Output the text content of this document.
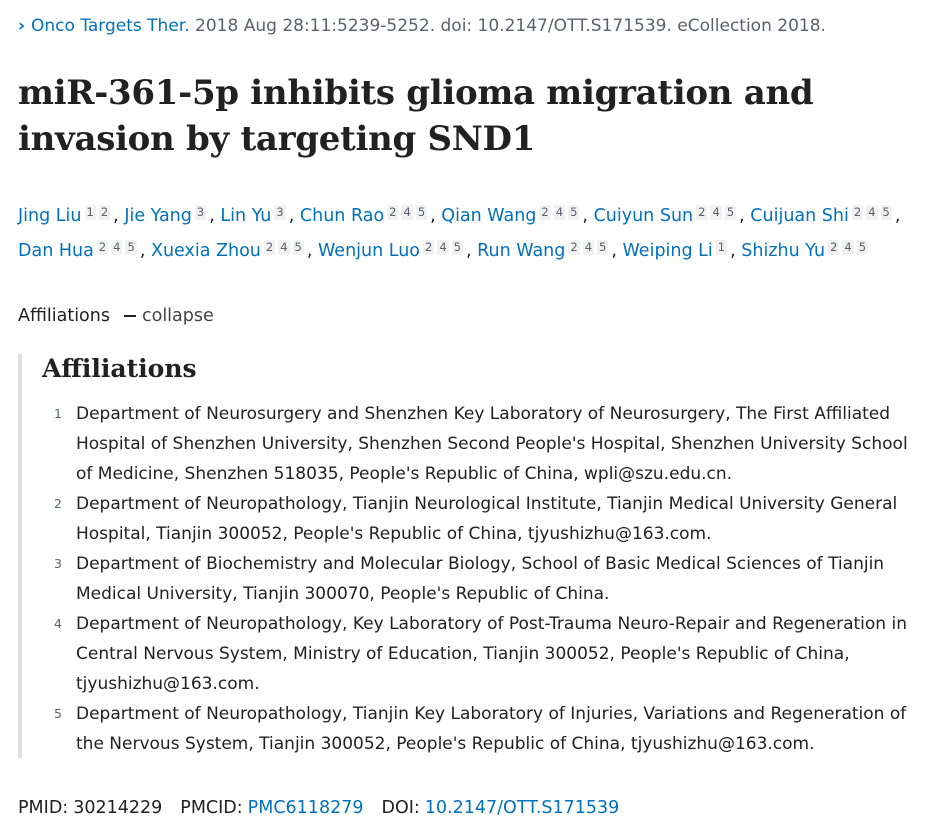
› Onco Targets Ther. 2018 Aug 28:11:5239-5252. doi: 10.2147/OTT.S171539. eCollection 2018.
miR-361-5p inhibits glioma migration and invasion by targeting SND1
Jing Liu 1 2 , Jie Yang 3 , Lin Yu 3 , Chun Rao 2 4 5 , Qian Wang 2 4 5 , Cuiyun Sun 2 4 5 , Cuijuan Shi 2 4 5 , Dan Hua 2 4 5 , Xuexia Zhou 2 4 5 , Wenjun Luo 2 4 5 , Run Wang 2 4 5 , Weiping Li 1 , Shizhu Yu 2 4 5
Affiliations collapse
Affiliations
1 Department of Neurosurgery and Shenzhen Key Laboratory of Neurosurgery, The First Affiliated Hospital of Shenzhen University, Shenzhen Second People's Hospital, Shenzhen University School of Medicine, Shenzhen 518035, People's Republic of China, wpli@szu.edu.cn.
2 Department of Neuropathology, Tianjin Neurological Institute, Tianjin Medical University General Hospital, Tianjin 300052, People's Republic of China, tjyushizhu@163.com.
3 Department of Biochemistry and Molecular Biology, School of Basic Medical Sciences of Tianjin Medical University, Tianjin 300070, People's Republic of China.
4 Department of Neuropathology, Key Laboratory of Post-Trauma Neuro-Repair and Regeneration in Central Nervous System, Ministry of Education, Tianjin 300052, People's Republic of China, tjyushizhu@163.com.
5 Department of Neuropathology, Tianjin Key Laboratory of Injuries, Variations and Regeneration of the Nervous System, Tianjin 300052, People's Republic of China, tjyushizhu@163.com.
PMID: 30214229 PMCID: PMC6118279 DOI: 10.2147/OTT.S171539
